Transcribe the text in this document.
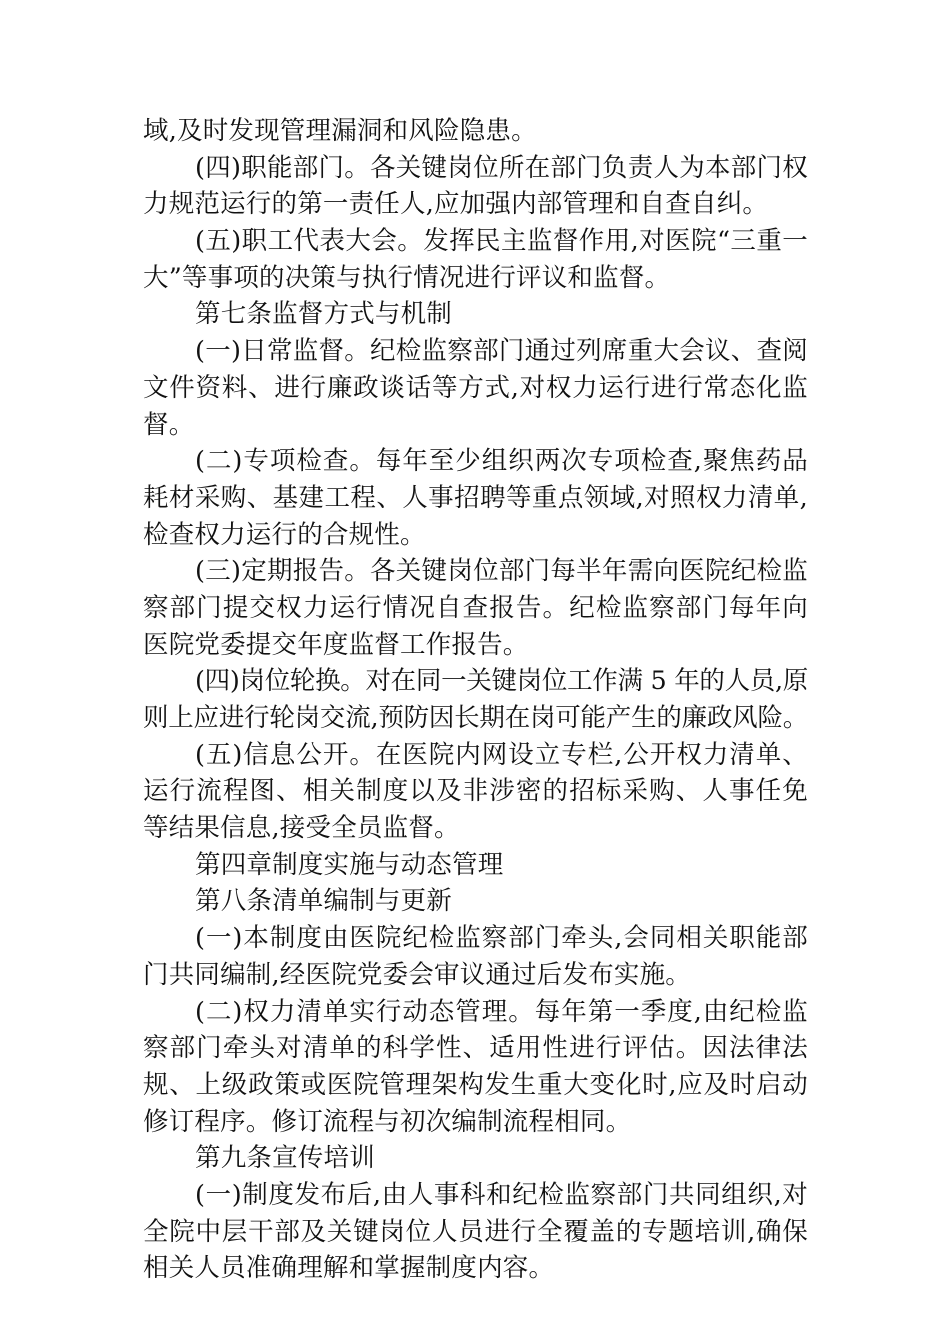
域,及时发现管理漏洞和风险隐患。
(四)职能部门。各关键岗位所在部门负责人为本部门权
力规范运行的第一责任人,应加强内部管理和自查自纠。
(五)职工代表大会。发挥民主监督作用,对医院“三重一
大”等事项的决策与执行情况进行评议和监督。
第七条监督方式与机制
(一)日常监督。纪检监察部门通过列席重大会议、查阅
文件资料、进行廉政谈话等方式,对权力运行进行常态化监
督。
(二)专项检查。每年至少组织两次专项检查,聚焦药品
耗材采购、基建工程、人事招聘等重点领域,对照权力清单,
检查权力运行的合规性。
(三)定期报告。各关键岗位部门每半年需向医院纪检监
察部门提交权力运行情况自查报告。纪检监察部门每年向
医院党委提交年度监督工作报告。
(四)岗位轮换。对在同一关键岗位工作满 5 年的人员,原
则上应进行轮岗交流,预防因长期在岗可能产生的廉政风险。
(五)信息公开。在医院内网设立专栏,公开权力清单、
运行流程图、相关制度以及非涉密的招标采购、人事任免
等结果信息,接受全员监督。
第四章制度实施与动态管理
第八条清单编制与更新
(一)本制度由医院纪检监察部门牵头,会同相关职能部
门共同编制,经医院党委会审议通过后发布实施。
(二)权力清单实行动态管理。每年第一季度,由纪检监
察部门牵头对清单的科学性、适用性进行评估。因法律法
规、上级政策或医院管理架构发生重大变化时,应及时启动
修订程序。修订流程与初次编制流程相同。
第九条宣传培训
(一)制度发布后,由人事科和纪检监察部门共同组织,对
全院中层干部及关键岗位人员进行全覆盖的专题培训,确保
相关人员准确理解和掌握制度内容。
